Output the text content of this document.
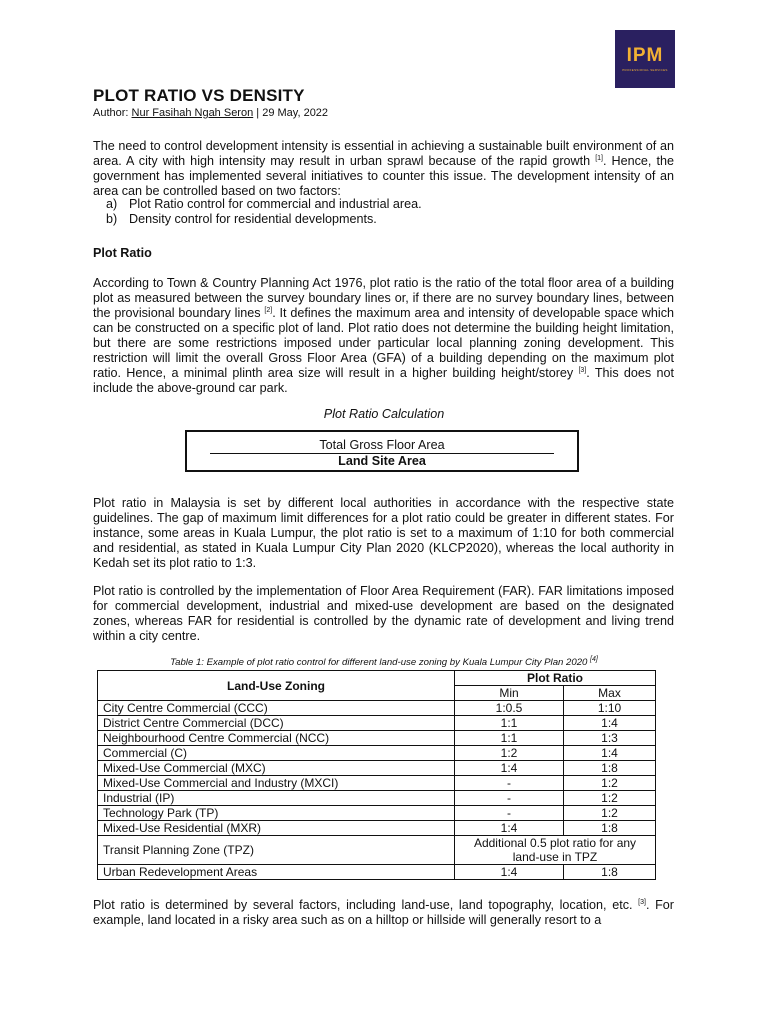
IPM
PROFESSIONAL SERVICES
PLOT RATIO VS DENSITY
Author: Nur Fasihah Ngah Seron | 29 May, 2022

The need to control development intensity is essential in achieving a sustainable built environment of an area. A city with high intensity may result in urban sprawl because of the rapid growth [1]. Hence, the government has implemented several initiatives to counter this issue. The development intensity of an area can be controlled based on two factors:

a) Plot Ratio control for commercial and industrial area.
b) Density control for residential developments.
Plot Ratio

According to Town & Country Planning Act 1976, plot ratio is the ratio of the total floor area of a building plot as measured between the survey boundary lines or, if there are no survey boundary lines, between the provisional boundary lines [2]. It defines the maximum area and intensity of developable space which can be constructed on a specific plot of land. Plot ratio does not determine the building height limitation, but there are some restrictions imposed under particular local planning zoning development. This restriction will limit the overall Gross Floor Area (GFA) of a building depending on the maximum plot ratio. Hence, a minimal plinth area size will result in a higher building height/storey [3]. This does not include the above-ground car park.

Plot Ratio Calculation
Total Gross Floor Area
Land Site Area

Plot ratio in Malaysia is set by different local authorities in accordance with the respective state guidelines. The gap of maximum limit differences for a plot ratio could be greater in different states. For instance, some areas in Kuala Lumpur, the plot ratio is set to a maximum of 1:10 for both commercial and residential, as stated in Kuala Lumpur City Plan 2020 (KLCP2020), whereas the local authority in Kedah set its plot ratio to 1:3.

Plot ratio is controlled by the implementation of Floor Area Requirement (FAR). FAR limitations imposed for commercial development, industrial and mixed-use development are based on the designated zones, whereas FAR for residential is controlled by the dynamic rate of development and living trend within a city centre.

Table 1: Example of plot ratio control for different land-use zoning by Kuala Lumpur City Plan 2020 [4]
Land-Use Zoning	Plot Ratio	
	Min	Max
City Centre Commercial (CCC)	1:0.5	1:10
District Centre Commercial (DCC)	1:1	1:4
Neighbourhood Centre Commercial (NCC)	1:1	1:3
Commercial (C)	1:2	1:4
Mixed-Use Commercial (MXC)	1:4	1:8
Mixed-Use Commercial and Industry (MXCI)	-	1:2
Industrial (IP)	-	1:2
Technology Park (TP)	-	1:2
Mixed-Use Residential (MXR)	1:4	1:8
Transit Planning Zone (TPZ)	Additional 0.5 plot ratio for any land-use in TPZ	
Urban Redevelopment Areas	1:4	1:8

Plot ratio is determined by several factors, including land-use, land topography, location, etc. [3]. For example, land located in a risky area such as on a hilltop or hillside will generally resort to a
